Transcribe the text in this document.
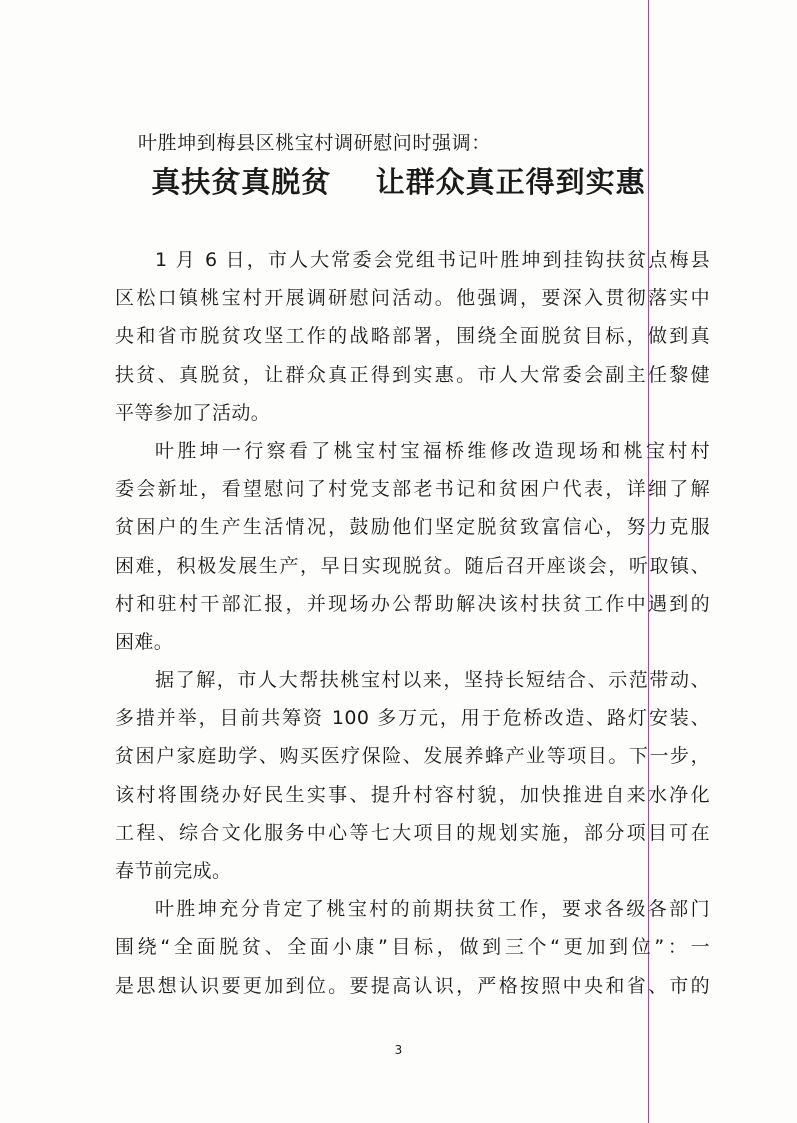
叶胜坤到梅县区桃宝村调研慰问时强调：
真扶贫真脱贫    让群众真正得到实惠
1 月 6 日，市人大常委会党组书记叶胜坤到挂钩扶贫点梅县
区松口镇桃宝村开展调研慰问活动。他强调，要深入贯彻落实中
央和省市脱贫攻坚工作的战略部署，围绕全面脱贫目标，做到真
扶贫、真脱贫，让群众真正得到实惠。市人大常委会副主任黎健
平等参加了活动。
叶胜坤一行察看了桃宝村宝福桥维修改造现场和桃宝村村
委会新址，看望慰问了村党支部老书记和贫困户代表，详细了解
贫困户的生产生活情况，鼓励他们坚定脱贫致富信心，努力克服
困难，积极发展生产，早日实现脱贫。随后召开座谈会，听取镇、
村和驻村干部汇报，并现场办公帮助解决该村扶贫工作中遇到的
困难。
据了解，市人大帮扶桃宝村以来，坚持长短结合、示范带动、
多措并举，目前共筹资 100 多万元，用于危桥改造、路灯安装、
贫困户家庭助学、购买医疗保险、发展养蜂产业等项目。下一步，
该村将围绕办好民生实事、提升村容村貌，加快推进自来水净化
工程、综合文化服务中心等七大项目的规划实施，部分项目可在
春节前完成。
叶胜坤充分肯定了桃宝村的前期扶贫工作，要求各级各部门
围绕“全面脱贫、全面小康”目标，做到三个“更加到位”：一
是思想认识要更加到位。要提高认识，严格按照中央和省、市的
3
